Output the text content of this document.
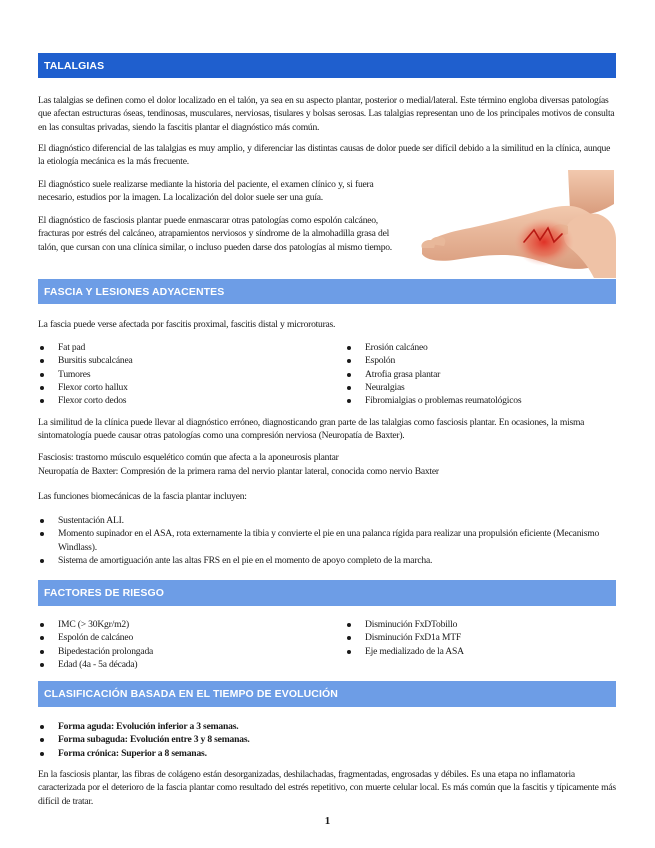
TALALGIAS

Las talalgias se definen como el dolor localizado en el talón, ya sea en su aspecto plantar, posterior o medial/lateral. Este término engloba diversas patologías que afectan estructuras óseas, tendinosas, musculares, nerviosas, tisulares y bolsas serosas. Las talalgias representan uno de los principales motivos de consulta en las consultas privadas, siendo la fascitis plantar el diagnóstico más común.

El diagnóstico diferencial de las talalgias es muy amplio, y diferenciar las distintas causas de dolor puede ser difícil debido a la similitud en la clínica, aunque la etiología mecánica es la más frecuente.

El diagnóstico suele realizarse mediante la historia del paciente, el examen clínico y, si fuera necesario, estudios por la imagen. La localización del dolor suele ser una guía.

El diagnóstico de fasciosis plantar puede enmascarar otras patologías como espolón calcáneo, fracturas por estrés del calcáneo, atrapamientos nerviosos y síndrome de la almohadilla grasa del talón, que cursan con una clínica similar, o incluso pueden darse dos patologías al mismo tiempo.

FASCIA Y LESIONES ADYACENTES

La fascia puede verse afectada por fascitis proximal, fascitis distal y microroturas.

Fat pad
Bursitis subcalcánea
Tumores
Flexor corto hallux
Flexor corto dedos
Erosión calcáneo
Espolón
Atrofia grasa plantar
Neuralgias
Fibromialgias o problemas reumatológicos

La similitud de la clínica puede llevar al diagnóstico erróneo, diagnosticando gran parte de las talalgias como fasciosis plantar. En ocasiones, la misma sintomatología puede causar otras patologías como una compresión nerviosa (Neuropatía de Baxter).

Fasciosis: trastorno músculo esquelético común que afecta a la aponeurosis plantar

Neuropatía de Baxter: Compresión de la primera rama del nervio plantar lateral, conocida como nervio Baxter

Las funciones biomecánicas de la fascia plantar incluyen:

Sustentación ALI.
Momento supinador en el ASA, rota externamente la tibia y convierte el pie en una palanca rígida para realizar una propulsión eficiente (Mecanismo Windlass).
Sistema de amortiguación ante las altas FRS en el pie en el momento de apoyo completo de la marcha.
FACTORES DE RIESGO
IMC (> 30Kgr/m2)
Espolón de calcáneo
Bipedestación prolongada
Edad (4a - 5a década)
Disminución FxDTobillo
Disminución FxD1a MTF
Eje medializado de la ASA
CLASIFICACIÓN BASADA EN EL TIEMPO DE EVOLUCIÓN
Forma aguda: Evolución inferior a 3 semanas.
Forma subaguda: Evolución entre 3 y 8 semanas.
Forma crónica: Superior a 8 semanas.

En la fasciosis plantar, las fibras de colágeno están desorganizadas, deshilachadas, fragmentadas, engrosadas y débiles. Es una etapa no inflamatoria caracterizada por el deterioro de la fascia plantar como resultado del estrés repetitivo, con muerte celular local. Es más común que la fascitis y típicamente más difícil de tratar.

1
